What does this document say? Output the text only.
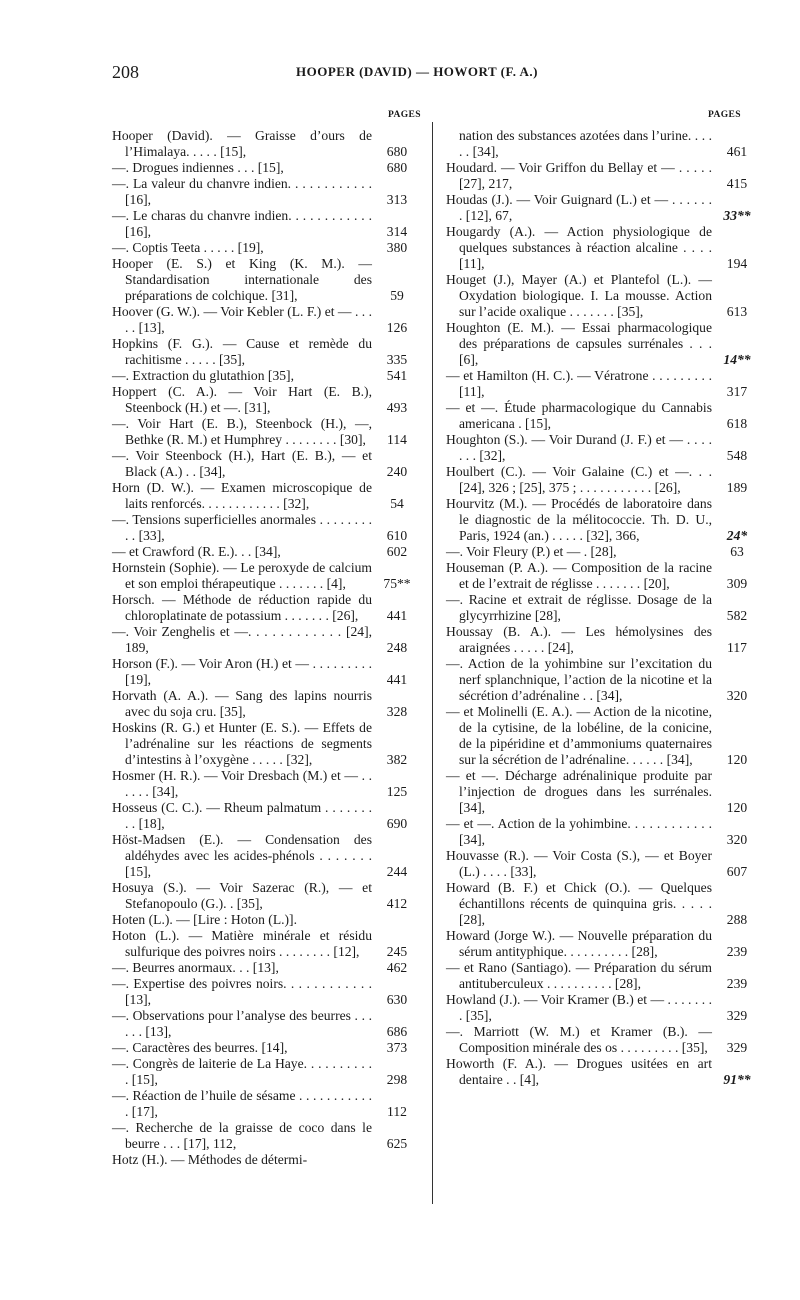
208	HOOPER (DAVID) — HOWORT (F. A.)
PAGES	PAGES

Hooper (David). — Graisse d’ours de l’Himalaya. . . . . [15],	680

—. Drogues indiennes . . . [15],	680

—. La valeur du chanvre indien. . . . . . . . . . . . [16],	313

—. Le charas du chanvre indien. . . . . . . . . . . . [16],	314

—. Coptis Teeta . . . . . [19],	380

Hooper (E. S.) et King (K. M.). — Standardisation internationale des préparations de colchique. [31],	59

Hoover (G. W.). — Voir Kebler (L. F.) et — . . . . . [13],	126

Hopkins (F. G.). — Cause et remède du rachitisme . . . . . [35],	335

—. Extraction du glutathion [35],	541

Hoppert (C. A.). — Voir Hart (E. B.), Steenbock (H.) et —. [31],	493

—. Voir Hart (E. B.), Steenbock (H.), —, Bethke (R. M.) et Humphrey . . . . . . . . [30],	114

—. Voir Steenbock (H.), Hart (E. B.), — et Black (A.) . . [34],	240

Horn (D. W.). — Examen microscopique de laits renforcés. . . . . . . . . . . . [32],	54

—. Tensions superficielles anormales . . . . . . . . . . [33],	610

— et Crawford (R. E.). . . [34],	602

Hornstein (Sophie). — Le peroxyde de calcium et son emploi thérapeutique . . . . . . . [4],	75**

Horsch. — Méthode de réduction rapide du chloroplatinate de potassium . . . . . . . [26],	441

—. Voir Zenghelis et —. . . . . . . . . . . . [24], 189,	248

Horson (F.). — Voir Aron (H.) et — . . . . . . . . . [19],	441

Horvath (A. A.). — Sang des lapins nourris avec du soja cru. [35],	328

Hoskins (R. G.) et Hunter (E. S.). — Effets de l’adrénaline sur les réactions de segments d’intestins à l’oxygène . . . . . [32],	382

Hosmer (H. R.). — Voir Dresbach (M.) et — . . . . . . [34],	125

Hosseus (C. C.). — Rheum palmatum . . . . . . . . . [18],	690

Höst-Madsen (E.). — Condensation des aldéhydes avec les acides-phénols . . . . . . . [15],	244

Hosuya (S.). — Voir Sazerac (R.), — et Stefanopoulo (G.). . [35],	412

Hoten (L.). — [Lire : Hoton (L.)].

Hoton (L.). — Matière minérale et résidu sulfurique des poivres noirs . . . . . . . . [12],	245

—. Beurres anormaux. . . [13],	462

—. Expertise des poivres noirs. . . . . . . . . . . . [13],	630

—. Observations pour l’analyse des beurres . . . . . . [13],	686

—. Caractères des beurres. [14],	373

—. Congrès de laiterie de La Haye. . . . . . . . . . . [15],	298

—. Réaction de l’huile de sésame . . . . . . . . . . . . [17],	112

—. Recherche de la graisse de coco dans le beurre . . . [17], 112,	625

Hotz (H.). — Méthodes de détermi-

nation des substances azotées dans l’urine. . . . . . [34],	461

Houdard. — Voir Griffon du Bellay et — . . . . . [27], 217,	415

Houdas (J.). — Voir Guignard (L.) et — . . . . . . . [12], 67,	33**

Hougardy (A.). — Action physiologique de quelques substances à réaction alcaline . . . . [11],	194

Houget (J.), Mayer (A.) et Plantefol (L.). — Oxydation biologique. I. La mousse. Action sur l’acide oxalique . . . . . . . [35],	613

Houghton (E. M.). — Essai pharmacologique des préparations de capsules surrénales . . . [6],	14**

— et Hamilton (H. C.). — Vératrone . . . . . . . . . [11],	317

— et —. Étude pharmacologique du Cannabis americana . [15],	618

Houghton (S.). — Voir Durand (J. F.) et — . . . . . . . [32],	548

Houlbert (C.). — Voir Galaine (C.) et —. . . [24], 326 ; [25], 375 ; . . . . . . . . . . . [26],	189

Hourvitz (M.). — Procédés de laboratoire dans le diagnostic de la mélitococcie. Th. D. U., Paris, 1924 (an.) . . . . . [32], 366,	24*

—. Voir Fleury (P.) et — . [28],	63

Houseman (P. A.). — Composition de la racine et de l’extrait de réglisse . . . . . . . [20],	309

—. Racine et extrait de réglisse. Dosage de la glycyrrhizine [28],	582

Houssay (B. A.). — Les hémolysines des araignées . . . . . [24],	117

—. Action de la yohimbine sur l’excitation du nerf splanchnique, l’action de la nicotine et la sécrétion d’adrénaline . . [34],	320

— et Molinelli (E. A.). — Action de la nicotine, de la cytisine, de la lobéline, de la conicine, de la pipéridine et d’ammoniums quaternaires sur la sécrétion de l’adrénaline. . . . . . [34],	120

— et —. Décharge adrénalinique produite par l’injection de drogues dans les surrénales. [34],	120

— et —. Action de la yohimbine. . . . . . . . . . . . [34],	320

Houvasse (R.). — Voir Costa (S.), — et Boyer (L.) . . . . [33],	607

Howard (B. F.) et Chick (O.). — Quelques échantillons récents de quinquina gris. . . . . [28],	288

Howard (Jorge W.). — Nouvelle préparation du sérum antityphique. . . . . . . . . . [28],	239

— et Rano (Santiago). — Préparation du sérum antituberculeux . . . . . . . . . . [28],	239

Howland (J.). — Voir Kramer (B.) et — . . . . . . . . [35],	329

—. Marriott (W. M.) et Kramer (B.). — Composition minérale des os . . . . . . . . . [35],	329

Howorth (F. A.). — Drogues usitées en art dentaire . . [4],	91**
